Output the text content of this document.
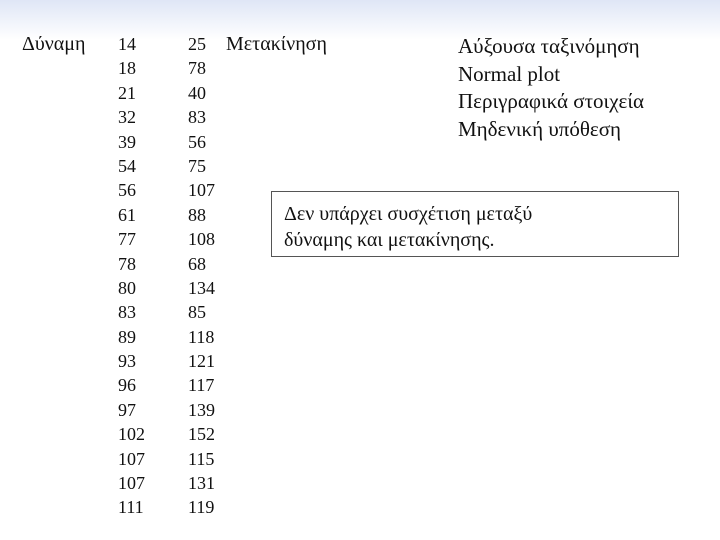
Δύναμη 14
18
21
32
39
54
56
61
77
78
80
83
89
93
96
97
102
107
107
111
25
78
40
83
56
75
107
88
108
68
134
85
118
121
117
139
152
115
131
119
Μετακίνηση	Αύξουσα ταξινόμηση
Normal plot
Περιγραφικά στοιχεία
Μηδενική υπόθεση
Δεν υπάρχει συσχέτιση μεταξύ
δύναμης και μετακίνησης.
